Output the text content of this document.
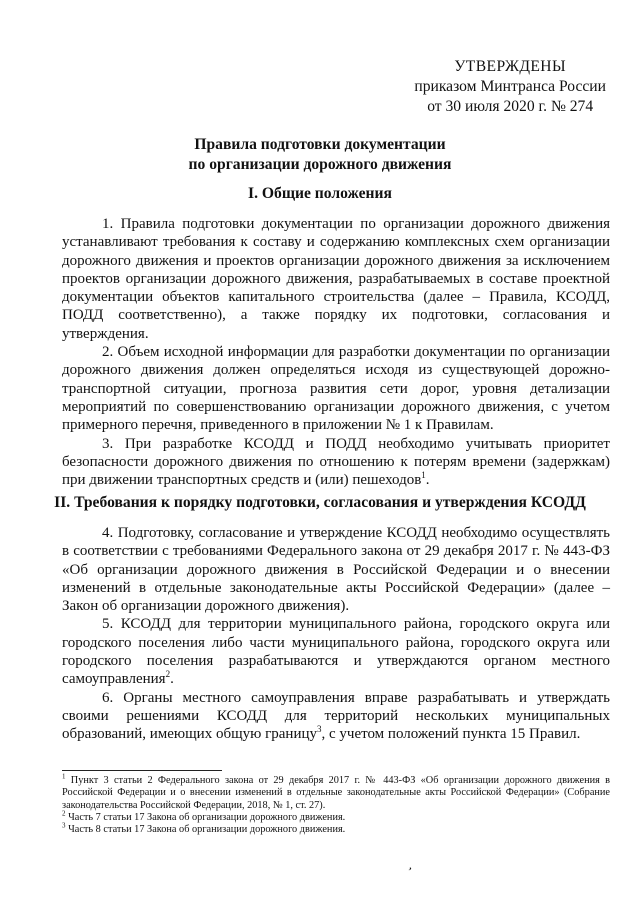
УТВЕРЖДЕНЫ
приказом Минтранса России
от 30 июля 2020 г. № 274
Правила подготовки документации
по организации дорожного движения
I. Общие положения

1. Правила подготовки документации по организации дорожного движения устанавливают требования к составу и содержанию комплексных схем организации дорожного движения и проектов организации дорожного движения за исключением проектов организации дорожного движения, разрабатываемых в составе проектной документации объектов капитального строительства (далее – Правила, КСОДД, ПОДД соответственно), а также порядку их подготовки, согласования и утверждения.

2. Объем исходной информации для разработки документации по организации дорожного движения должен определяться исходя из существующей дорожно-транспортной ситуации, прогноза развития сети дорог, уровня детализации мероприятий по совершенствованию организации дорожного движения, с учетом примерного перечня, приведенного в приложении № 1 к Правилам.

3. При разработке КСОДД и ПОДД необходимо учитывать приоритет безопасности дорожного движения по отношению к потерям времени (задержкам) при движении транспортных средств и (или) пешеходов$^1$.

II. Требования к порядку подготовки, согласования и утверждения КСОДД

4. Подготовку, согласование и утверждение КСОДД необходимо осуществлять в соответствии с требованиями Федерального закона от 29 декабря 2017 г. № 443-ФЗ «Об организации дорожного движения в Российской Федерации и о внесении изменений в отдельные законодательные акты Российской Федерации» (далее – Закон об организации дорожного движения).

5. КСОДД для территории муниципального района, городского округа или городского поселения либо части муниципального района, городского округа или городского поселения разрабатываются и утверждаются органом местного самоуправления$^2$.

6. Органы местного самоуправления вправе разрабатывать и утверждать своими решениями КСОДД для территорий нескольких муниципальных образований, имеющих общую границу$^3$, с учетом положений пункта 15 Правил.

$^1$ Пункт 3 статьи 2 Федерального закона от 29 декабря 2017 г. № 443-ФЗ «Об организации дорожного движения в Российской Федерации и о внесении изменений в отдельные законодательные акты Российской Федерации» (Собрание законодательства Российской Федерации, 2018, № 1, ст. 27).

$^2$ Часть 7 статьи 17 Закона об организации дорожного движения.

$^3$ Часть 8 статьи 17 Закона об организации дорожного движения.

,
